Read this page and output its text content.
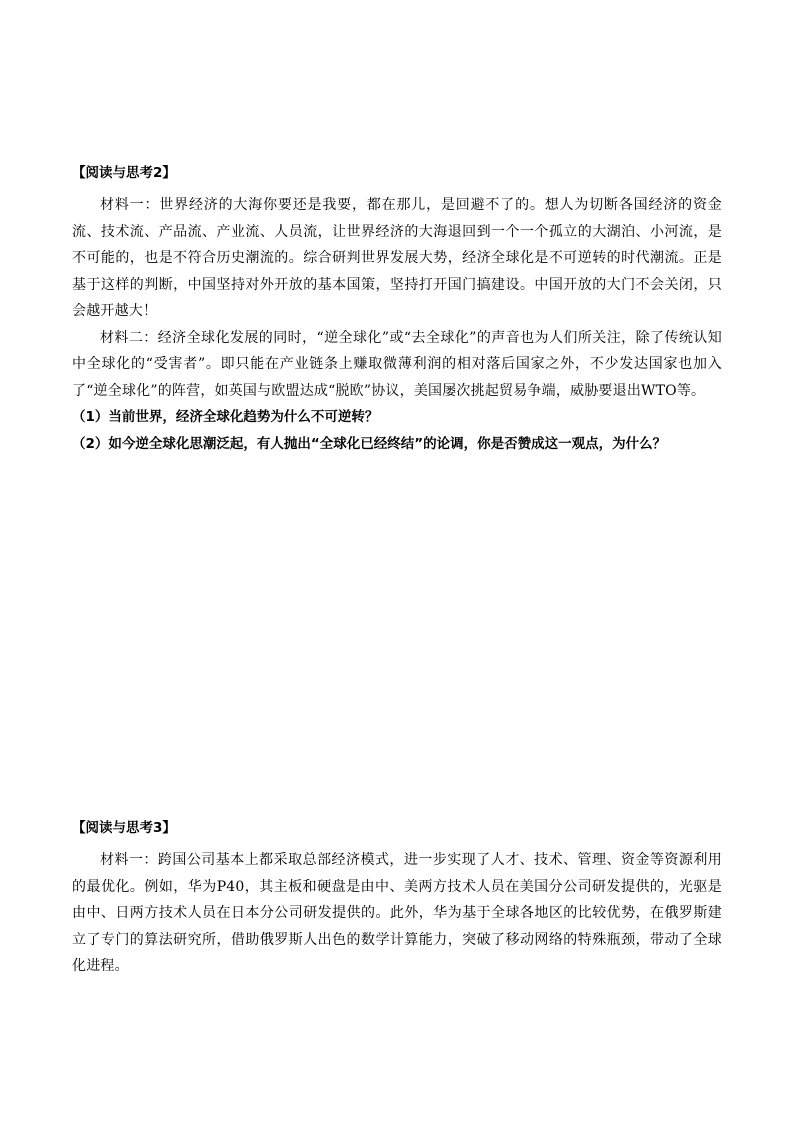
【阅读与思考2】

材料一：世界经济的大海你要还是我要，都在那儿，是回避不了的。想人为切断各国经济的资金流、技术流、产品流、产业流、人员流，让世界经济的大海退回到一个一个孤立的大湖泊、小河流，是不可能的，也是不符合历史潮流的。综合研判世界发展大势，经济全球化是不可逆转的时代潮流。正是基于这样的判断，中国坚持对外开放的基本国策，坚持打开国门搞建设。中国开放的大门不会关闭，只会越开越大！

材料二：经济全球化发展的同时，“逆全球化”或“去全球化”的声音也为人们所关注，除了传统认知中全球化的“受害者”。即只能在产业链条上赚取微薄利润的相对落后国家之外，不少发达国家也加入了“逆全球化”的阵营，如英国与欧盟达成“脱欧”协议，美国屡次挑起贸易争端，威胁要退出WTO等。

（1）当前世界，经济全球化趋势为什么不可逆转？

（2）如今逆全球化思潮泛起，有人抛出“全球化已经终结”的论调，你是否赞成这一观点，为什么？

【阅读与思考3】

材料一：跨国公司基本上都采取总部经济模式，进一步实现了人才、技术、管理、资金等资源利用的最优化。例如，华为P40，其主板和硬盘是由中、美两方技术人员在美国分公司研发提供的，光驱是由中、日两方技术人员在日本分公司研发提供的。此外，华为基于全球各地区的比较优势，在俄罗斯建立了专门的算法研究所，借助俄罗斯人出色的数学计算能力，突破了移动网络的特殊瓶颈，带动了全球化进程。
